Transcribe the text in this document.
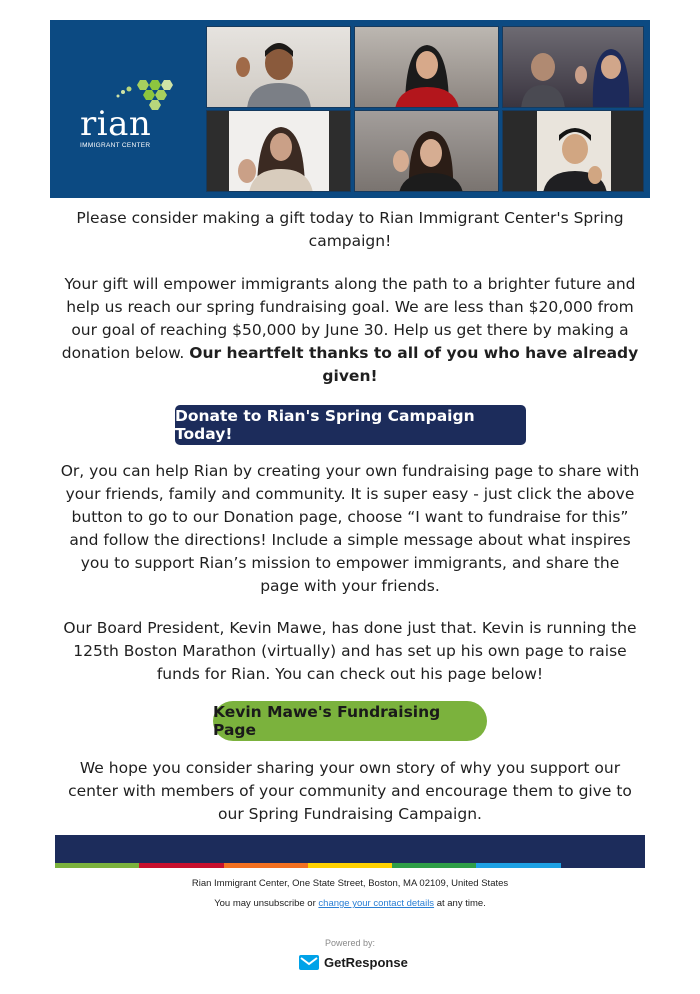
rian
IMMIGRANT CENTER

Please consider making a gift today to Rian Immigrant Center's Spring campaign!

Your gift will empower immigrants along the path to a brighter future and help us reach our spring fundraising goal. We are less than $20,000 from our goal of reaching $50,000 by June 30. Help us get there by making a donation below. Our heartfelt thanks to all of you who have already given!

Donate to Rian's Spring Campaign Today!

Or, you can help Rian by creating your own fundraising page to share with your friends, family and community. It is super easy - just click the above button to go to our Donation page, choose “I want to fundraise for this” and follow the directions! Include a simple message about what inspires you to support Rian’s mission to empower immigrants, and share the page with your friends.

Our Board President, Kevin Mawe, has done just that. Kevin is running the 125th Boston Marathon (virtually) and has set up his own page to raise funds for Rian. You can check out his page below!

Kevin Mawe's Fundraising Page

We hope you consider sharing your own story of why you support our center with members of your community and encourage them to give to our Spring Fundraising Campaign.

Rian Immigrant Center, One State Street, Boston, MA 02109, United States
You may unsubscribe or change your contact details at any time.
Powered by:
GetResponse
